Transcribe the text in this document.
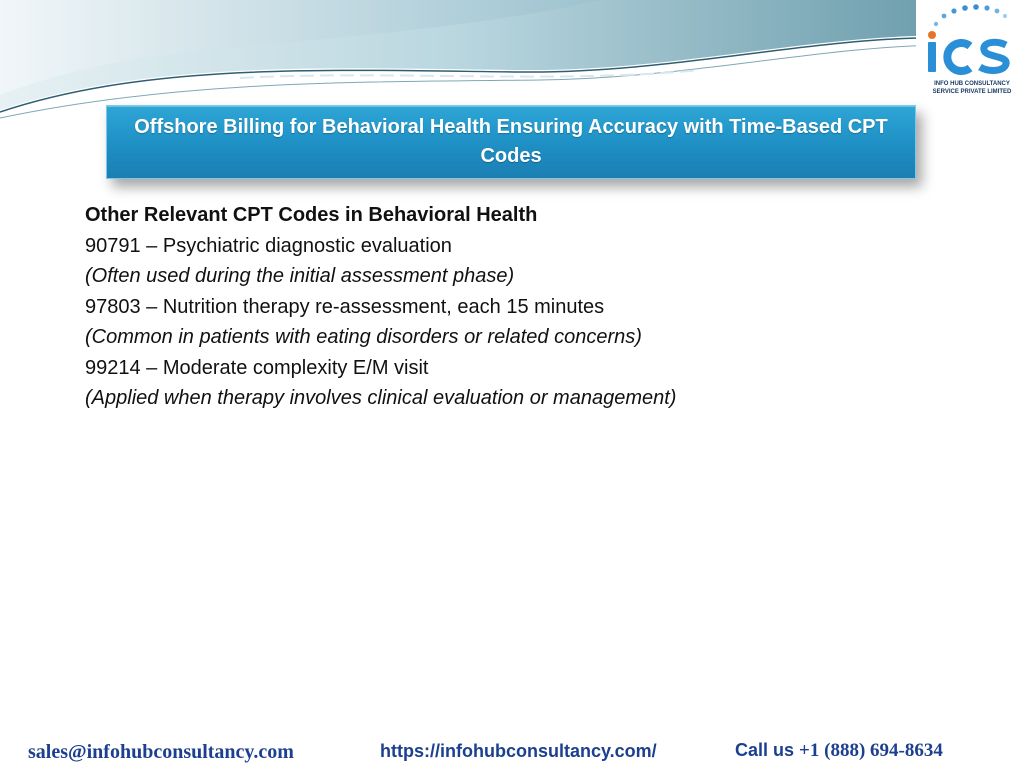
INFO HUB CONSULTANCY
SERVICE PRIVATE LIMITED
Offshore Billing for Behavioral Health Ensuring Accuracy with Time-Based CPT Codes
Other Relevant CPT Codes in Behavioral Health
90791 – Psychiatric diagnostic evaluation
(Often used during the initial assessment phase)
97803 – Nutrition therapy re-assessment, each 15 minutes
(Common in patients with eating disorders or related concerns)
99214 – Moderate complexity E/M visit
(Applied when therapy involves clinical evaluation or management)
sales@infohubconsultancy.com	https://infohubconsultancy.com/	Call us +1 (888) 694-8634
